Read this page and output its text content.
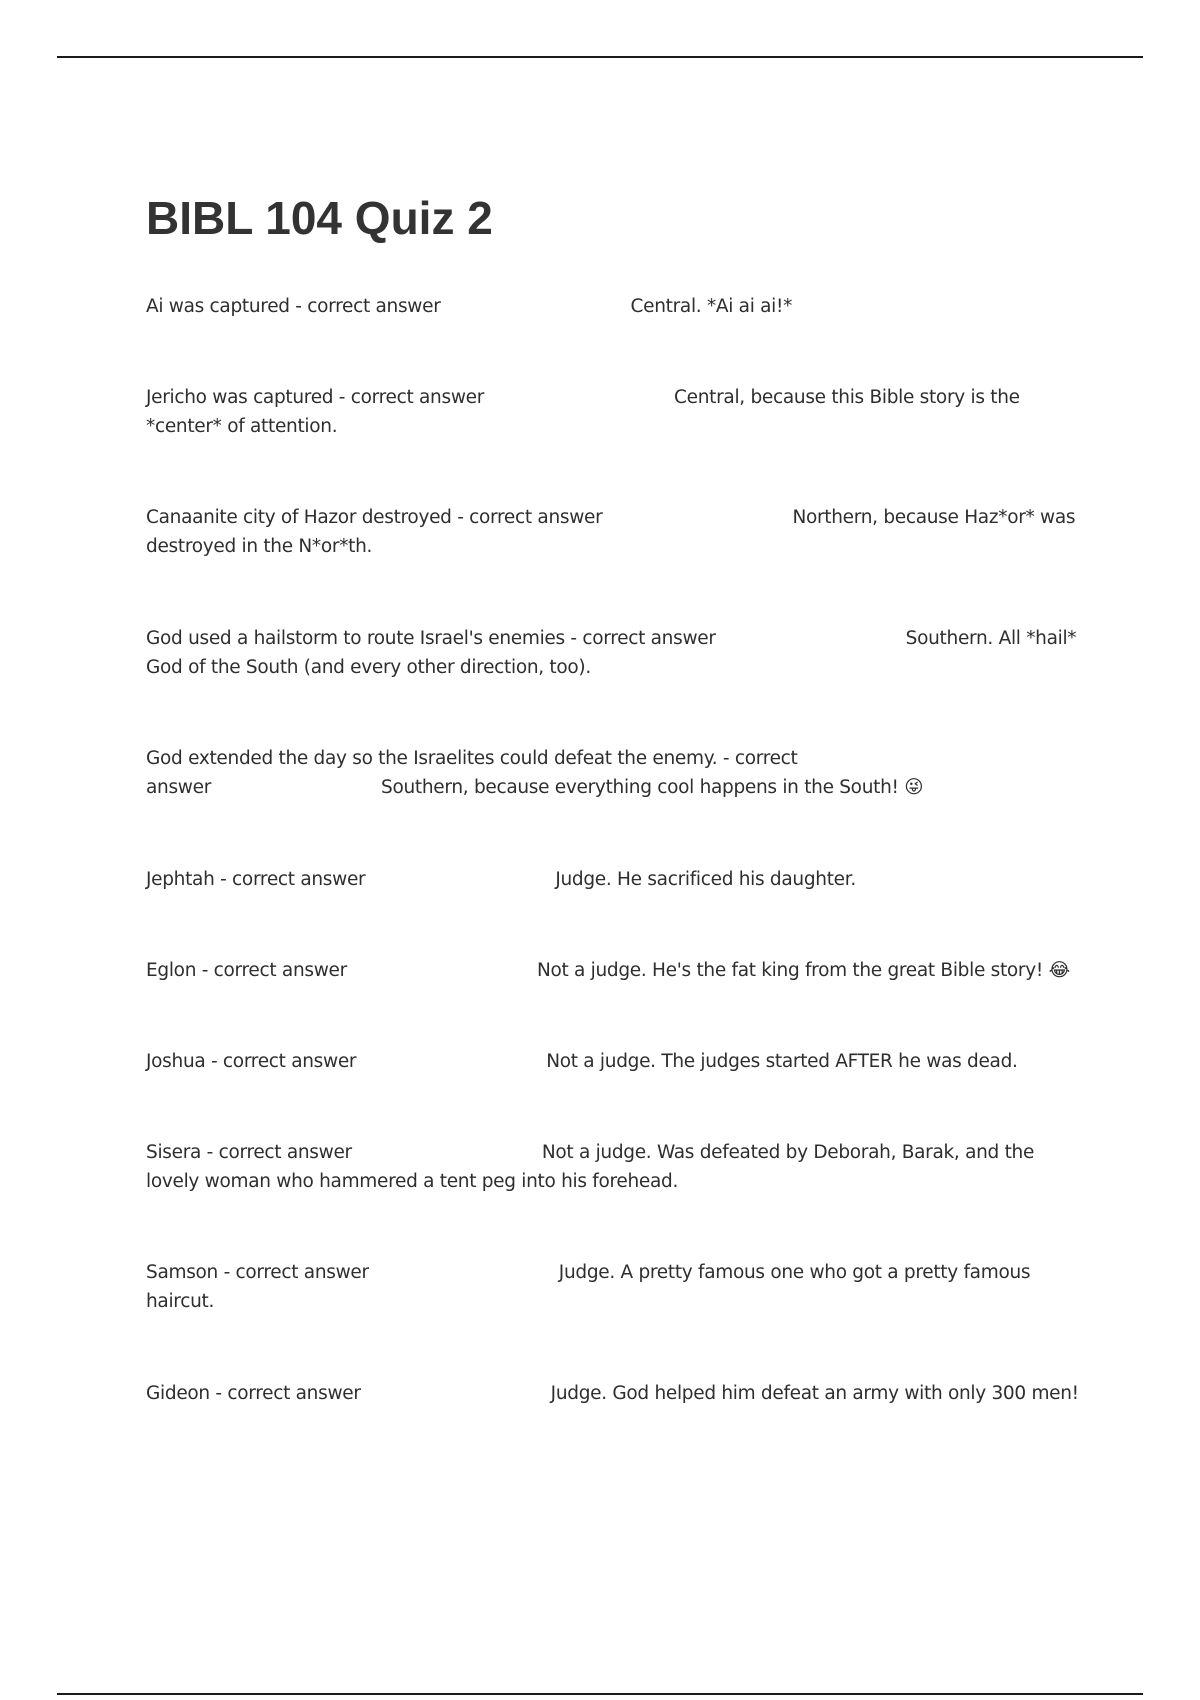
BIBL 104 Quiz 2

Ai was captured - correct answer	Central. *Ai ai ai!*

Jericho was captured - correct answer	Central, because this Bible story is the *center* of attention.

Canaanite city of Hazor destroyed - correct answer	Northern, because Haz*or* was destroyed in the N*or*th.

God used a hailstorm to route Israel's enemies - correct answer	Southern. All *hail* God of the South (and every other direction, too).

God extended the day so the Israelites could defeat the enemy. - correct answer	Southern, because everything cool happens in the South! 😜

Jephtah - correct answer	Judge. He sacrificed his daughter.

Eglon - correct answer	Not a judge. He's the fat king from the great Bible story! 😂

Joshua - correct answer	Not a judge. The judges started AFTER he was dead.

Sisera - correct answer	Not a judge. Was defeated by Deborah, Barak, and the lovely woman who hammered a tent peg into his forehead.

Samson - correct answer	Judge. A pretty famous one who got a pretty famous haircut.

Gideon - correct answer	Judge. God helped him defeat an army with only 300 men!
